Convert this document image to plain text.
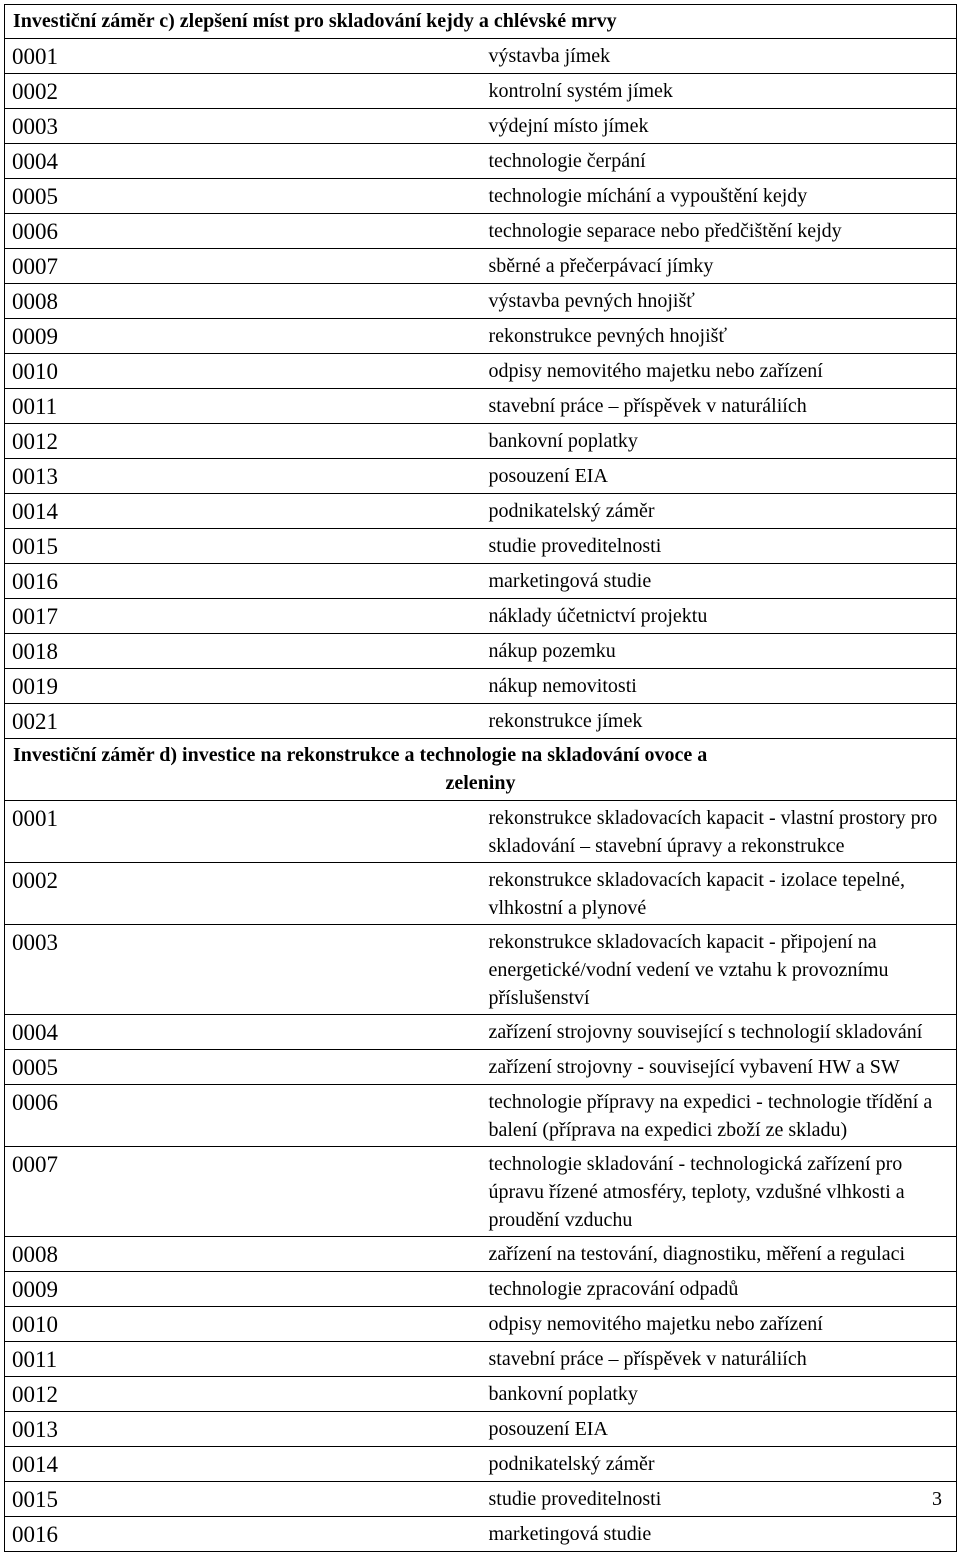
Investiční záměr c) zlepšení míst pro skladování kejdy a chlévské mrvy	
0001	výstavba jímek
0002	kontrolní systém jímek
0003	výdejní místo jímek
0004	technologie čerpání
0005	technologie míchání a vypouštění kejdy
0006	technologie separace nebo předčištění kejdy
0007	sběrné a přečerpávací jímky
0008	výstavba pevných hnojišť
0009	rekonstrukce pevných hnojišť
0010	odpisy nemovitého majetku nebo zařízení
0011	stavební práce – příspěvek v naturáliích
0012	bankovní poplatky
0013	posouzení EIA
0014	podnikatelský záměr
0015	studie proveditelnosti
0016	marketingová studie
0017	náklady účetnictví projektu
0018	nákup pozemku
0019	nákup nemovitosti
0021	rekonstrukce jímek

Investiční záměr d) investice na rekonstrukce a technologie na skladování ovoce a
zeleniny	

0001	rekonstrukce skladovacích kapacit - vlastní prostory pro skladování – stavební úpravy a rekonstrukce
0002	rekonstrukce skladovacích kapacit - izolace tepelné, vlhkostní a plynové
0003	rekonstrukce skladovacích kapacit - připojení na energetické/vodní vedení ve vztahu k provoznímu příslušenství
0004	zařízení strojovny související s technologií skladování
0005	zařízení strojovny - související vybavení HW a SW
0006	technologie přípravy na expedici - technologie třídění a balení (příprava na expedici zboží ze skladu)
0007	technologie skladování - technologická zařízení pro úpravu řízené atmosféry, teploty, vzdušné vlhkosti a proudění vzduchu
0008	zařízení na testování, diagnostiku, měření a regulaci
0009	technologie zpracování odpadů
0010	odpisy nemovitého majetku nebo zařízení
0011	stavební práce – příspěvek v naturáliích
0012	bankovní poplatky
0013	posouzení EIA
0014	podnikatelský záměr
0015	studie proveditelnosti
0016	marketingová studie
3
